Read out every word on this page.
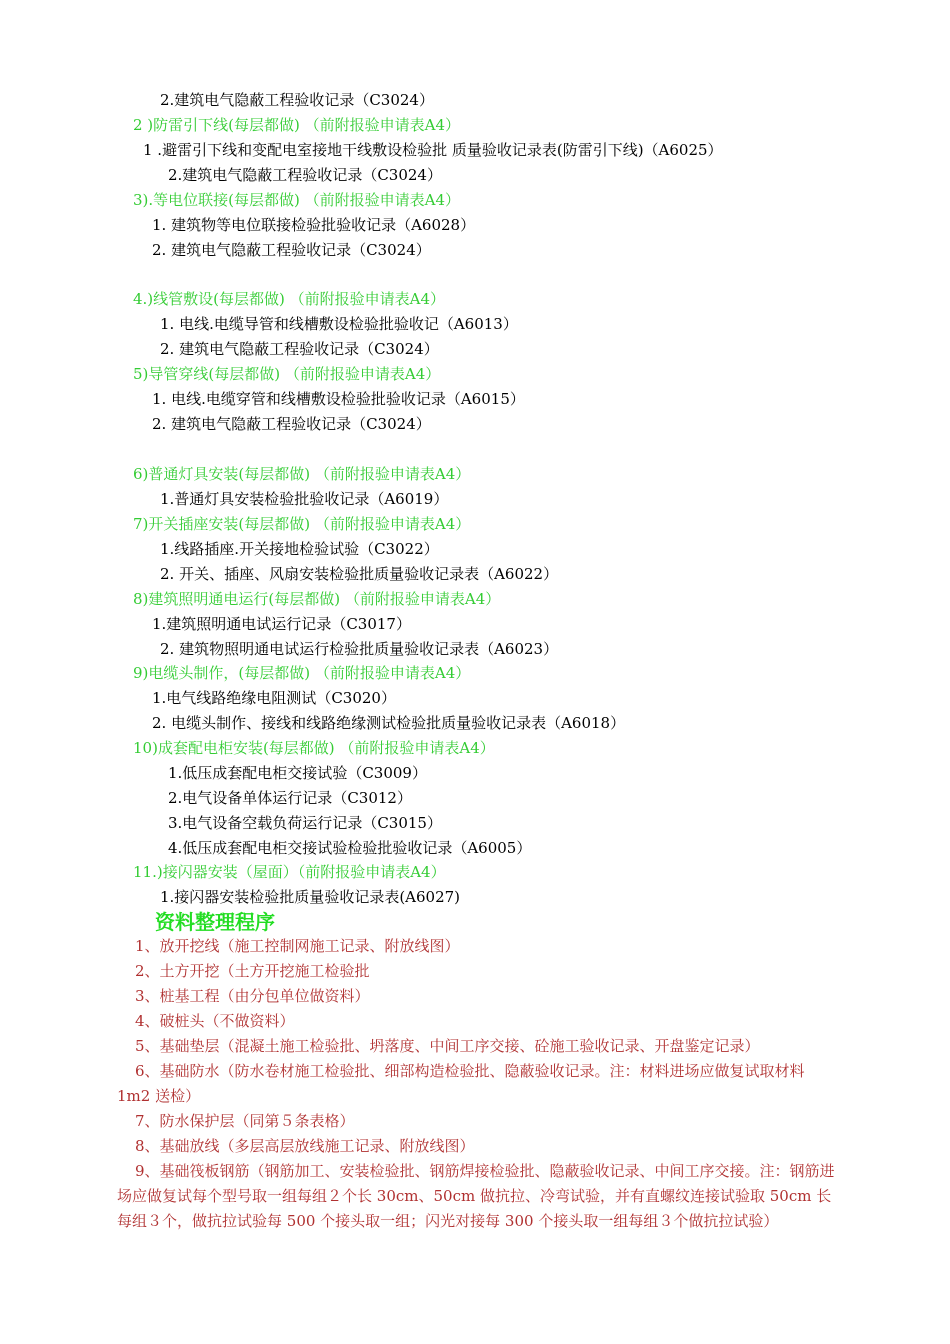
2.建筑电气隐蔽工程验收记录（C3024）
2 )防雷引下线(每层都做) （前附报验申请表A4）
1 .避雷引下线和变配电室接地干线敷设检验批 质量验收记录表(防雷引下线)（A6025）
2.建筑电气隐蔽工程验收记录（C3024）
3).等电位联接(每层都做) （前附报验申请表A4）
1. 建筑物等电位联接检验批验收记录（A6028）
2. 建筑电气隐蔽工程验收记录（C3024）
4.)线管敷设(每层都做) （前附报验申请表A4）
1. 电线.电缆导管和线槽敷设检验批验收记（A6013）
2. 建筑电气隐蔽工程验收记录（C3024）
5)导管穿线(每层都做) （前附报验申请表A4）
1. 电线.电缆穿管和线槽敷设检验批验收记录（A6015）
2. 建筑电气隐蔽工程验收记录（C3024）
6)普通灯具安装(每层都做) （前附报验申请表A4）
1.普通灯具安装检验批验收记录（A6019）
7)开关插座安装(每层都做) （前附报验申请表A4）
1.线路插座.开关接地检验试验（C3022）
2. 开关、插座、风扇安装检验批质量验收记录表（A6022）
8)建筑照明通电运行(每层都做) （前附报验申请表A4）
1.建筑照明通电试运行记录（C3017）
2. 建筑物照明通电试运行检验批质量验收记录表（A6023）
9)电缆头制作，(每层都做) （前附报验申请表A4）
1.电气线路绝缘电阻测试（C3020）
2. 电缆头制作、接线和线路绝缘测试检验批质量验收记录表（A6018）
10)成套配电柜安装(每层都做) （前附报验申请表A4）
1.低压成套配电柜交接试验（C3009）
2.电气设备单体运行记录（C3012）
3.电气设备空载负荷运行记录（C3015）
4.低压成套配电柜交接试验检验批验收记录（A6005）
11.)接闪器安装（屋面）（前附报验申请表A4）
1.接闪器安装检验批质量验收记录表(A6027)
资料整理程序
1、放开挖线（施工控制网施工记录、附放线图）
2、土方开挖（土方开挖施工检验批
3、桩基工程（由分包单位做资料）
4、破桩头（不做资料）
5、基础垫层（混凝土施工检验批、坍落度、中间工序交接、砼施工验收记录、开盘鉴定记录）
6、基础防水（防水卷材施工检验批、细部构造检验批、隐蔽验收记录。注：材料进场应做复试取材料 1m2 送检）
7、防水保护层（同第５条表格）
8、基础放线（多层高层放线施工记录、附放线图）
9、基础筏板钢筋（钢筋加工、安装检验批、钢筋焊接检验批、隐蔽验收记录、中间工序交接。注：钢筋进场应做复试每个型号取一组每组２个长 30cm、50cm 做抗拉、冷弯试验，并有直螺纹连接试验取 50cm 长每组３个，做抗拉试验每 500 个接头取一组；闪光对接每 300 个接头取一组每组３个做抗拉试验）
